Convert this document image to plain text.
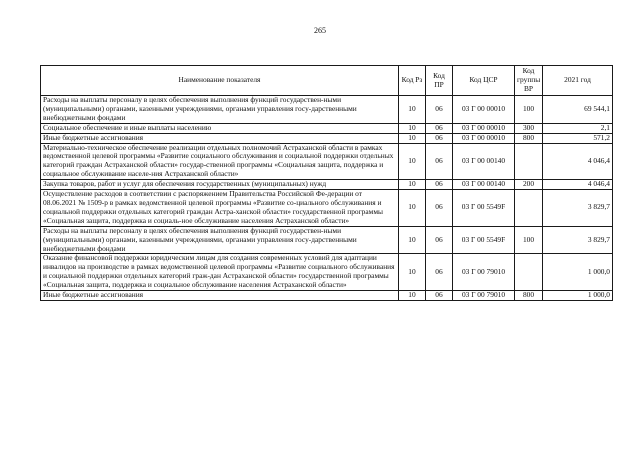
265
Наименование показателя	Код Рз	Код ПР	Код ЦСР	Код группы ВР	2021 год
Расходы на выплаты персоналу в целях обеспечения выполнения функций государствен-ными (муниципальными) органами, казенными учреждениями, органами управления госу-дарственными внебюджетными фондами	10	06	03 Г 00 00010	100	69 544,1
Социальное обеспечение и иные выплаты населению	10	06	03 Г 00 00010	300	2,1
Иные бюджетные ассигнования	10	06	03 Г 00 00010	800	571,2
Материально-техническое обеспечение реализации отдельных полномочий Астраханской области в рамках ведомственной целевой программы «Развитие социального обслуживания и социальной поддержки отдельных категорий граждан Астраханской области» государ-ственной программы «Социальная защита, поддержка и социальное обслуживание населе-ния Астраханской области»	10	06	03 Г 00 00140		4 046,4
Закупка товаров, работ и услуг для обеспечения государственных (муниципальных) нужд	10	06	03 Г 00 00140	200	4 046,4
Осуществление расходов в соответствии с распоряжением Правительства Российской Фе-дерации от 08.06.2021 № 1509-р в рамках ведомственной целевой программы «Развитие со-циального обслуживания и социальной поддержки отдельных категорий граждан Астра-ханской области» государственной программы «Социальная защита, поддержка и социаль-ное обслуживание населения Астраханской области»	10	06	03 Г 00 5549F		3 829,7
Расходы на выплаты персоналу в целях обеспечения выполнения функций государствен-ными (муниципальными) органами, казенными учреждениями, органами управления госу-дарственными внебюджетными фондами	10	06	03 Г 00 5549F	100	3 829,7
Оказание финансовой поддержки юридическим лицам для создания современных условий для адаптации инвалидов на производстве в рамках ведомственной целевой программы «Развитие социального обслуживания и социальной поддержки отдельных категорий граж-дан Астраханской области» государственной программы «Социальная защита, поддержка и социальное обслуживание населения Астраханской области»	10	06	03 Г 00 79010		1 000,0
Иные бюджетные ассигнования	10	06	03 Г 00 79010	800	1 000,0
